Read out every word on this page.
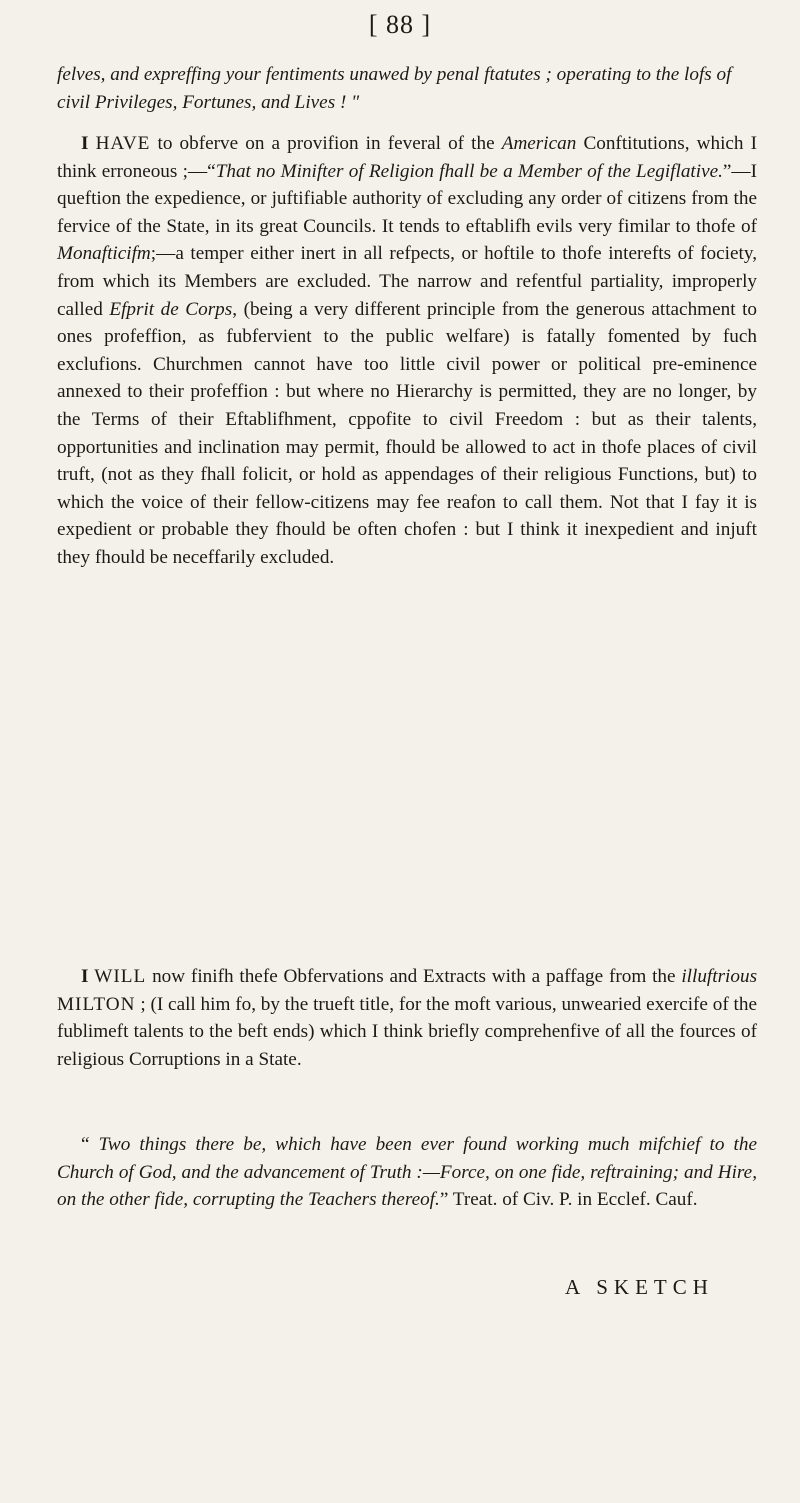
[ 88 ]

felves, and expreffing your fentiments unawed by penal ftatutes ; operating to the lofs of civil Privileges, Fortunes, and Lives ! "

I HAVE to obferve on a provifion in feveral of the American Conftitutions, which I think erroneous ;—“That no Minifter of Religion fhall be a Member of the Legiflative.”—I queftion the expedience, or juftifiable authority of excluding any order of citizens from the fervice of the State, in its great Councils. It tends to eftablifh evils very fimilar to thofe of Monafticifm;—a temper either inert in all refpects, or hoftile to thofe interefts of fociety, from which its Members are excluded. The narrow and refentful partiality, improperly called Efprit de Corps, (being a very different principle from the generous attachment to ones profeffion, as fubfervient to the public welfare) is fatally fomented by fuch exclufions. Churchmen cannot have too little civil power or political pre-eminence annexed to their profeffion : but where no Hierarchy is permitted, they are no longer, by the Terms of their Eftablifhment, cppofite to civil Freedom : but as their talents, opportunities and inclination may permit, fhould be allowed to act in thofe places of civil truft, (not as they fhall folicit, or hold as appendages of their religious Functions, but) to which the voice of their fellow-citizens may fee reafon to call them. Not that I fay it is expedient or probable they fhould be often chofen : but I think it inexpedient and injuft they fhould be neceffarily excluded.

I WILL now finifh thefe Obfervations and Extracts with a paffage from the illuftrious MILTON ; (I call him fo, by the trueft title, for the moft various, unwearied exercife of the fublimeft talents to the beft ends) which I think briefly comprehenfive of all the fources of religious Corruptions in a State.

“ Two things there be, which have been ever found working much mifchief to the Church of God, and the advancement of Truth :—Force, on one fide, reftraining; and Hire, on the other fide, corrupting the Teachers thereof.” Treat. of Civ. P. in Ecclef. Cauf.

A SKETCH
